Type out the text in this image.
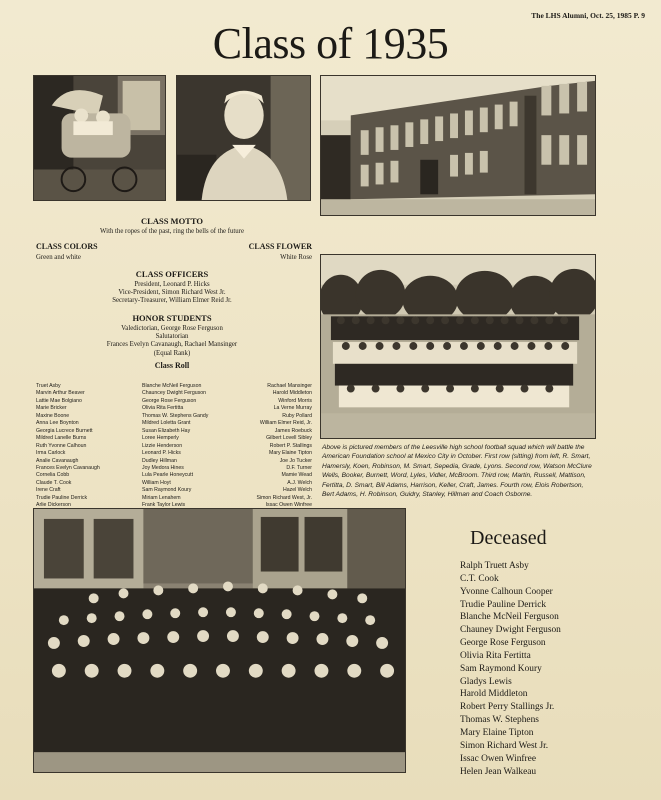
The LHS Alumni, Oct. 25, 1985 P. 9
Class of 1935
CLASS MOTTO
With the ropes of the past, ring the bells of the future
CLASS COLORS
Green and white
CLASS FLOWER
White Rose
CLASS OFFICERS
President, Leonard P. Hicks
Vice-President, Simon Richard West Jr.
Secretary-Treasurer, William Elmer Reid Jr.
HONOR STUDENTS
Valedictorian, George Rose Ferguson
Salutatorian
Frances Evelyn Cavanaugh, Rachael Mansinger
(Equal Rank)
Class Roll
Truet Asby
Marvin Arthur Beaver
Lattie Mae Bolgiano
Marie Bricker
Maxine Boone
Anna Lee Boynton
Georgia Lucrece Burnett
Mildred Lanelle Burns
Ruth Yvonne Calhoun
Irma Carlock
Analie Cavanaugh
Frances Evelyn Cavanaugh
Cornelia Cobb
Claude T. Cook
Irene Craft
Trudie Pauline Derrick
Arlie Dickerson
Blanche McNeil Ferguson
Chauncey Dwight Ferguson
George Rose Ferguson
Olivia Rita Fertitta
Thomas W. Stephens Gandy
Mildred Loletta Grant
Susan Elizabeth Hay
Loree Hemperly
Lizzie Henderson
Leonard P. Hicks
Dudley Hillman
Joy Medora Hines
Lula Pearle Honeycutt
William Hoyt
Sam Raymond Koury
Miriam Lenahem
Frank Taylor Lewis
Rachael Mansinger
Harold Middleton
Winford Morris
La Verne Murray
Ruby Pollard
William Elmer Reid, Jr.
James Roebuck
Gilbert Lovell Sibley
Robert P. Stallings
Mary Elaine Tipton
Joe Jo Tucker
D.F. Turner
Mamie Wead
A.J. Welch
Hazel Welch
Simon Richard West, Jr.
Issac Owen Winfree
Above is pictured members of the Leesville high school football squad which will battle the American Foundation school at Mexico City in October. First row (sitting) from left, R. Smart, Hamersly, Koen, Robinson, M. Smart, Sepedia, Grade, Lyons. Second row, Watson McClure Wells, Booker, Burnett, Word, Lyles, Vidler, McBroom. Third row, Martin, Russell, Mattison, Fertitta, D. Smart, Bill Adams, Harrison, Keller, Craft, James. Fourth row, Elois Robertson, Bert Adams, H. Robinson, Guidry, Stanley, Hillman and Coach Osborne.
Deceased
Ralph Truett Asby
C.T. Cook
Yvonne Calhoun Cooper
Trudie Pauline Derrick
Blanche McNeil Ferguson
Chauney Dwight Ferguson
George Rose Ferguson
Olivia Rita Fertitta
Sam Raymond Koury
Gladys Lewis
Harold Middleton
Robert Perry Stallings Jr.
Thomas W. Stephens
Mary Elaine Tipton
Simon Richard West Jr.
Issac Owen Winfree
Helen Jean Walkeau
